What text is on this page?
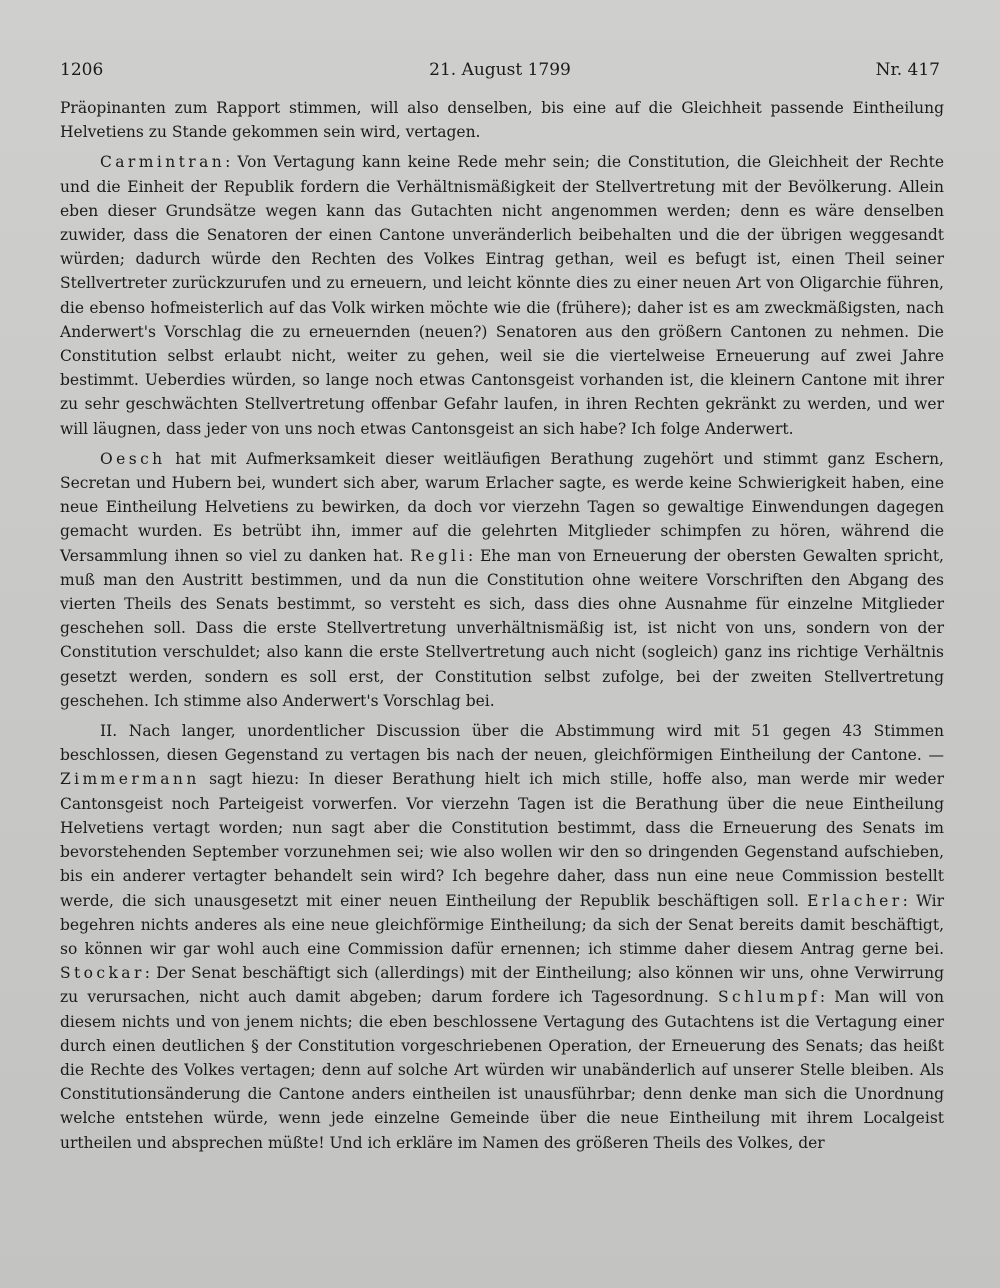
1206	21. August 1799	Nr. 417

Präopinanten zum Rapport stimmen, will also denselben, bis eine auf die Gleichheit passende Eintheilung Helvetiens zu Stande gekommen sein wird, vertagen.

Carmintran: Von Vertagung kann keine Rede mehr sein; die Constitution, die Gleichheit der Rechte und die Einheit der Republik fordern die Verhältnismäßigkeit der Stellvertretung mit der Bevölkerung. Allein eben dieser Grundsätze wegen kann das Gutachten nicht angenommen werden; denn es wäre denselben zuwider, dass die Senatoren der einen Cantone unveränderlich beibehalten und die der übrigen weggesandt würden; dadurch würde den Rechten des Volkes Eintrag gethan, weil es befugt ist, einen Theil seiner Stellvertreter zurückzurufen und zu erneuern, und leicht könnte dies zu einer neuen Art von Oligarchie führen, die ebenso hofmeisterlich auf das Volk wirken möchte wie die (frühere); daher ist es am zweckmäßigsten, nach Anderwert's Vorschlag die zu erneuernden (neuen?) Senatoren aus den größern Cantonen zu nehmen. Die Constitution selbst erlaubt nicht, weiter zu gehen, weil sie die viertelweise Erneuerung auf zwei Jahre bestimmt. Ueberdies würden, so lange noch etwas Cantonsgeist vorhanden ist, die kleinern Cantone mit ihrer zu sehr geschwächten Stellvertretung offenbar Gefahr laufen, in ihren Rechten gekränkt zu werden, und wer will läugnen, dass jeder von uns noch etwas Cantonsgeist an sich habe? Ich folge Anderwert.

Oesch hat mit Aufmerksamkeit dieser weitläufigen Berathung zugehört und stimmt ganz Eschern, Secretan und Hubern bei, wundert sich aber, warum Erlacher sagte, es werde keine Schwierigkeit haben, eine neue Eintheilung Helvetiens zu bewirken, da doch vor vierzehn Tagen so gewaltige Einwendungen dagegen gemacht wurden. Es betrübt ihn, immer auf die gelehrten Mitglieder schimpfen zu hören, während die Versammlung ihnen so viel zu danken hat. Regli: Ehe man von Erneuerung der obersten Gewalten spricht, muß man den Austritt bestimmen, und da nun die Constitution ohne weitere Vorschriften den Abgang des vierten Theils des Senats bestimmt, so versteht es sich, dass dies ohne Ausnahme für einzelne Mitglieder geschehen soll. Dass die erste Stellvertretung unverhältnismäßig ist, ist nicht von uns, sondern von der Constitution verschuldet; also kann die erste Stellvertretung auch nicht (sogleich) ganz ins richtige Verhältnis gesetzt werden, sondern es soll erst, der Constitution selbst zufolge, bei der zweiten Stellvertretung geschehen. Ich stimme also Anderwert's Vorschlag bei.

II. Nach langer, unordentlicher Discussion über die Abstimmung wird mit 51 gegen 43 Stimmen beschlossen, diesen Gegenstand zu vertagen bis nach der neuen, gleichförmigen Eintheilung der Cantone. — Zimmermann sagt hiezu: In dieser Berathung hielt ich mich stille, hoffe also, man werde mir weder Cantonsgeist noch Parteigeist vorwerfen. Vor vierzehn Tagen ist die Berathung über die neue Eintheilung Helvetiens vertagt worden; nun sagt aber die Constitution bestimmt, dass die Erneuerung des Senats im bevorstehenden September vorzunehmen sei; wie also wollen wir den so dringenden Gegenstand aufschieben, bis ein anderer vertagter behandelt sein wird? Ich begehre daher, dass nun eine neue Commission bestellt werde, die sich unausgesetzt mit einer neuen Eintheilung der Republik beschäftigen soll. Erlacher: Wir begehren nichts anderes als eine neue gleichförmige Eintheilung; da sich der Senat bereits damit beschäftigt, so können wir gar wohl auch eine Commission dafür ernennen; ich stimme daher diesem Antrag gerne bei. Stockar: Der Senat beschäftigt sich (allerdings) mit der Eintheilung; also können wir uns, ohne Verwirrung zu verursachen, nicht auch damit abgeben; darum fordere ich Tagesordnung. Schlumpf: Man will von diesem nichts und von jenem nichts; die eben beschlossene Vertagung des Gutachtens ist die Vertagung einer durch einen deutlichen § der Constitution vorgeschriebenen Operation, der Erneuerung des Senats; das heißt die Rechte des Volkes vertagen; denn auf solche Art würden wir unabänderlich auf unserer Stelle bleiben. Als Constitutionsänderung die Cantone anders eintheilen ist unausführbar; denn denke man sich die Unordnung welche entstehen würde, wenn jede einzelne Gemeinde über die neue Eintheilung mit ihrem Localgeist urtheilen und absprechen müßte! Und ich erkläre im Namen des größeren Theils des Volkes, der
